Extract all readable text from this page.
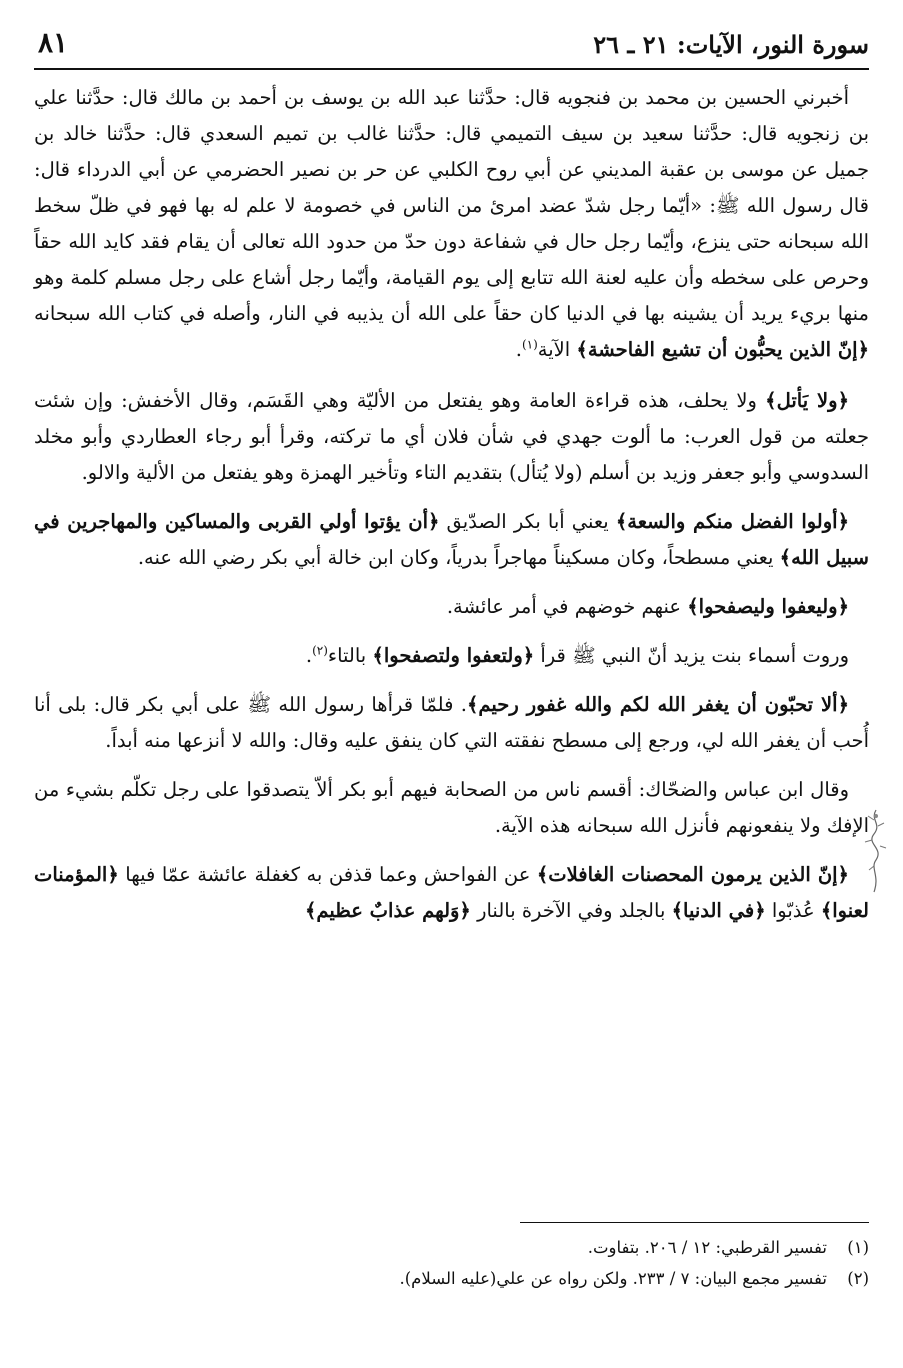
سورة النور، الآيات: ٢١ ـ ٢٦
٨١

أخبرني الحسين بن محمد بن فنجويه قال: حدَّثنا عبد الله بن يوسف بن أحمد بن مالك قال: حدَّثنا علي بن زنجويه قال: حدَّثنا سعيد بن سيف التميمي قال: حدَّثنا غالب بن تميم السعدي قال: حدَّثنا خالد بن جميل عن موسى بن عقبة المديني عن أبي روح الكلبي عن حر بن نصير الحضرمي عن أبي الدرداء قال: قال رسول الله ﷺ: «أيّما رجل شدّ عضد امرئ من الناس في خصومة لا علم له بها فهو في ظلّ سخط الله سبحانه حتى ينزع، وأيّما رجل حال في شفاعة دون حدّ من حدود الله تعالى أن يقام فقد كايد الله حقاً وحرص على سخطه وأن عليه لعنة الله تتابع إلى يوم القيامة، وأيّما رجل أشاع على رجل مسلم كلمة وهو منها بريء يريد أن يشينه بها في الدنيا كان حقاً على الله أن يذيبه في النار، وأصله في كتاب الله سبحانه ﴿إنّ الذين يحبُّون أن تشيع الفاحشة﴾ الآية$^{(١)}$.

﴿ولا يَأتل﴾ ولا يحلف، هذه قراءة العامة وهو يفتعل من الأليّة وهي القَسَم، وقال الأخفش: وإن شئت جعلته من قول العرب: ما ألوت جهدي في شأن فلان أي ما تركته، وقرأ أبو رجاء العطاردي وأبو مخلد السدوسي وأبو جعفر وزيد بن أسلم (ولا يُتأل) بتقديم التاء وتأخير الهمزة وهو يفتعل من الألية والالو.

﴿أولوا الفضل منكم والسعة﴾ يعني أبا بكر الصدّيق ﴿أن يؤتوا أولي القربى والمساكين والمهاجرين في سبيل الله﴾ يعني مسطحاً، وكان مسكيناً مهاجراً بدرياً، وكان ابن خالة أبي بكر رضي الله عنه.

﴿وليعفوا وليصفحوا﴾ عنهم خوضهم في أمر عائشة.

وروت أسماء بنت يزيد أنّ النبي ﷺ قرأ ﴿ولتعفوا ولتصفحوا﴾ بالتاء$^{(٢)}$.

﴿ألا تحبّون أن يغفر الله لكم والله غفور رحيم﴾. فلمّا قرأها رسول الله ﷺ على أبي بكر قال: بلى أنا أُحب أن يغفر الله لي، ورجع إلى مسطح نفقته التي كان ينفق عليه وقال: والله لا أنزعها منه أبداً.

وقال ابن عباس والضحّاك: أقسم ناس من الصحابة فيهم أبو بكر ألاّ يتصدقوا على رجل تكلّم بشيء من الإفك ولا ينفعونهم فأنزل الله سبحانه هذه الآية.

﴿إنّ الذين يرمون المحصنات الغافلات﴾ عن الفواحش وعما قذفن به كغفلة عائشة عمّا فيها ﴿المؤمنات لعنوا﴾ عُذبّوا ﴿في الدنيا﴾ بالجلد وفي الآخرة بالنار ﴿وَلهم عذابٌ عظيم﴾

(١)
تفسير القرطبي: ١٢ / ٢٠٦. بتفاوت.
(٢)
تفسير مجمع البيان: ٧ / ٢٣٣. ولكن رواه عن علي(عليه السلام).
